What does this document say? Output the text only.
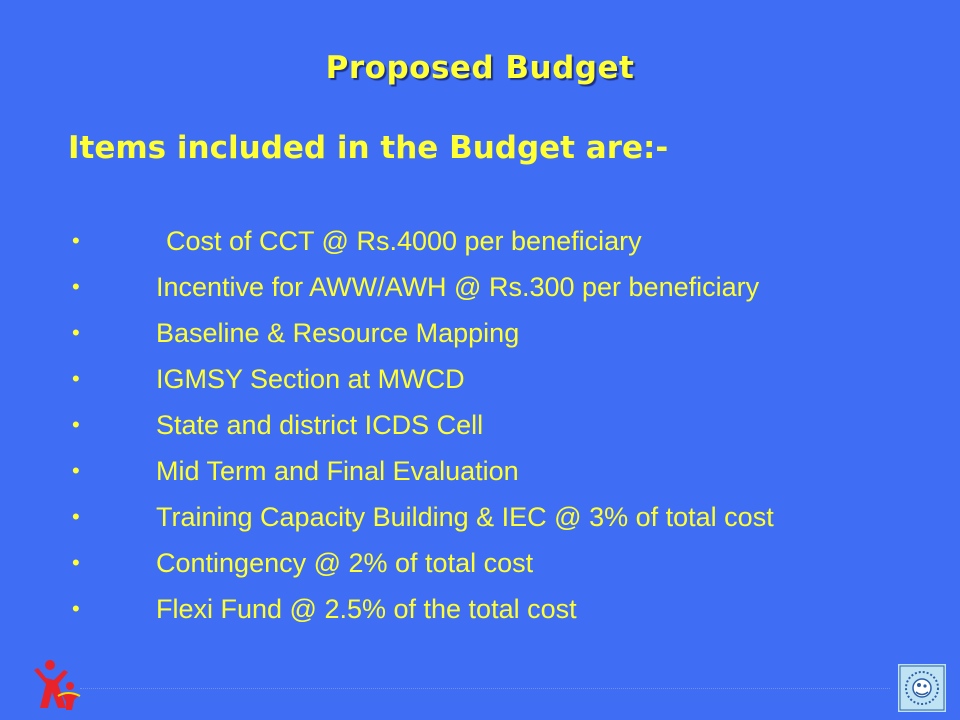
Proposed Budget
Items included in the Budget are:-
•	Cost of CCT @ Rs.4000 per beneficiary
•	Incentive for AWW/AWH @ Rs.300 per beneficiary
•	Baseline & Resource Mapping
•	IGMSY Section at MWCD
•	State and district ICDS Cell
•	Mid Term and Final Evaluation
•	Training Capacity Building & IEC @ 3% of total cost
•	Contingency @ 2% of total cost
•	Flexi Fund @ 2.5% of the total cost
